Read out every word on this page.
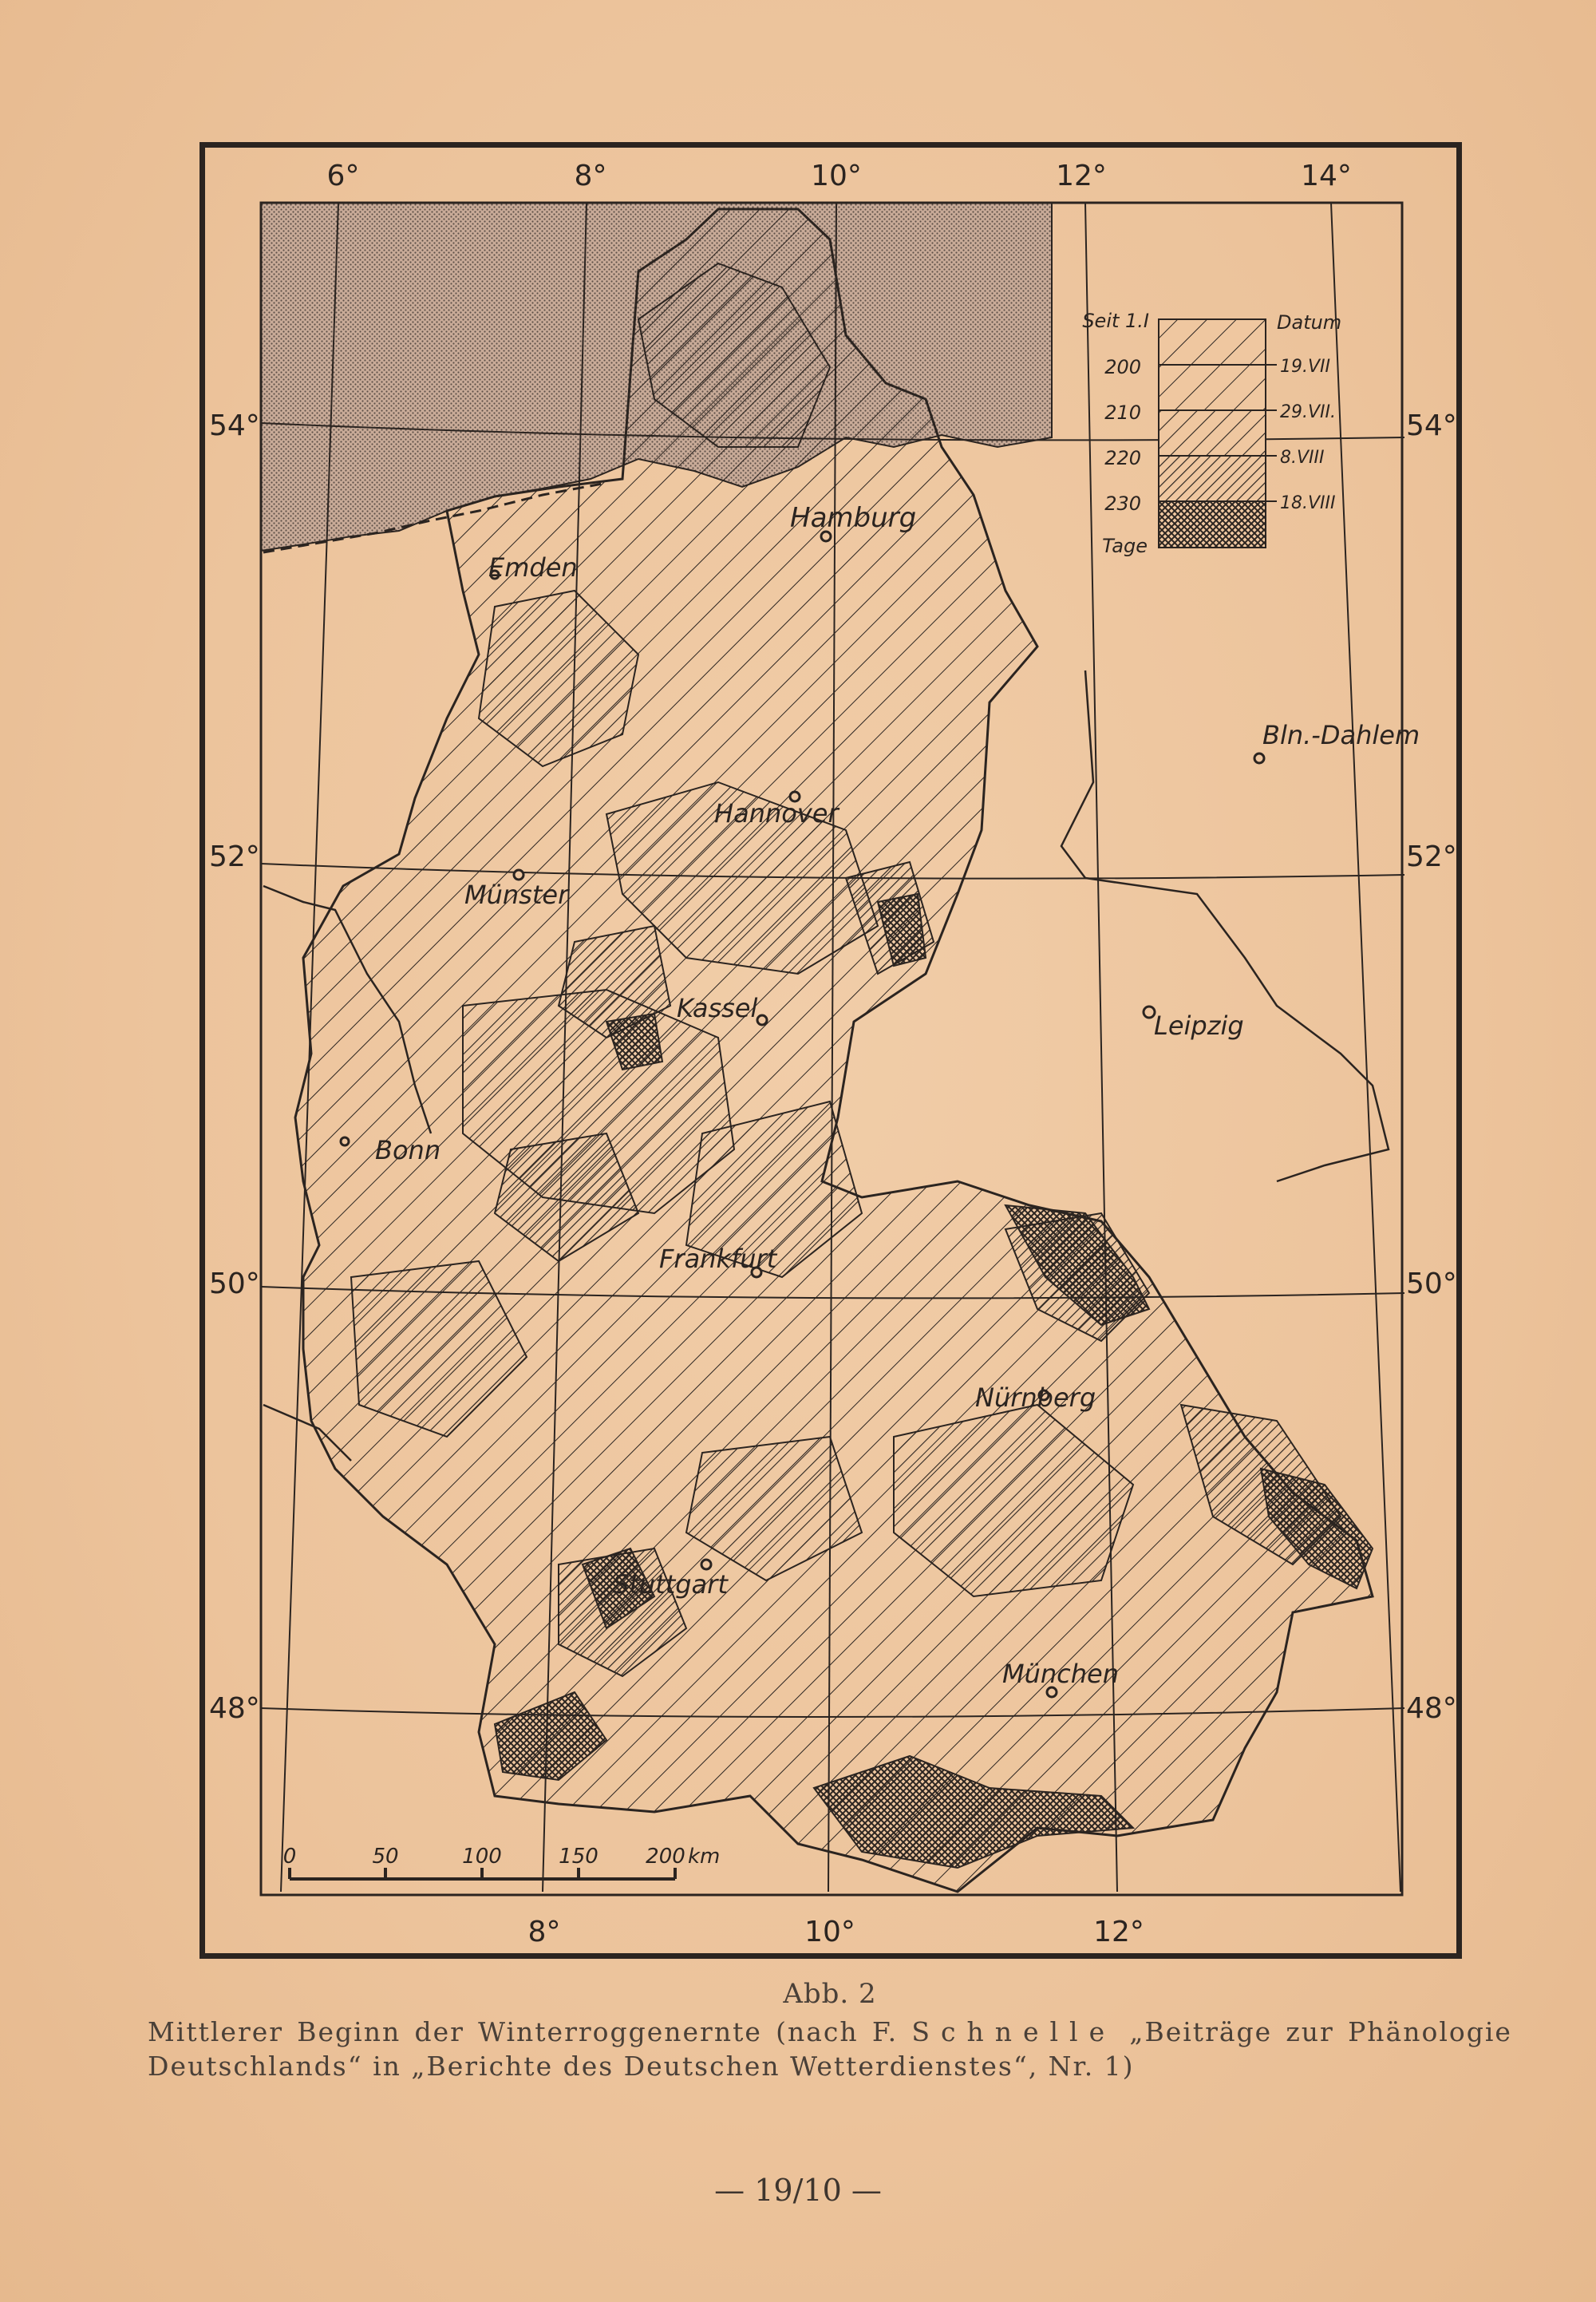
6°	8°	10°	12°	14°
8°	10°	12°
54°
52°
50°
48°
54°
52°
50°
48°
Emden
Hamburg
Bln.-Dahlem
Hannover
Münster
Kassel
Leipzig
Bonn
Frankfurt
Nürnberg
Stuttgart
München
Seit 1.I	Datum
200
210
220
230
Tage
19.VII
29.VII.
8.VIII
18.VIII
0	50	100	150 200 km
Abb. 2
Mittlerer Beginn der Winterroggenernte (nach F. Schnelle „Beiträge zur Phänologie
Deutschlands“ in „Berichte des Deutschen Wetterdienstes“, Nr. 1)
— 19/10 —
